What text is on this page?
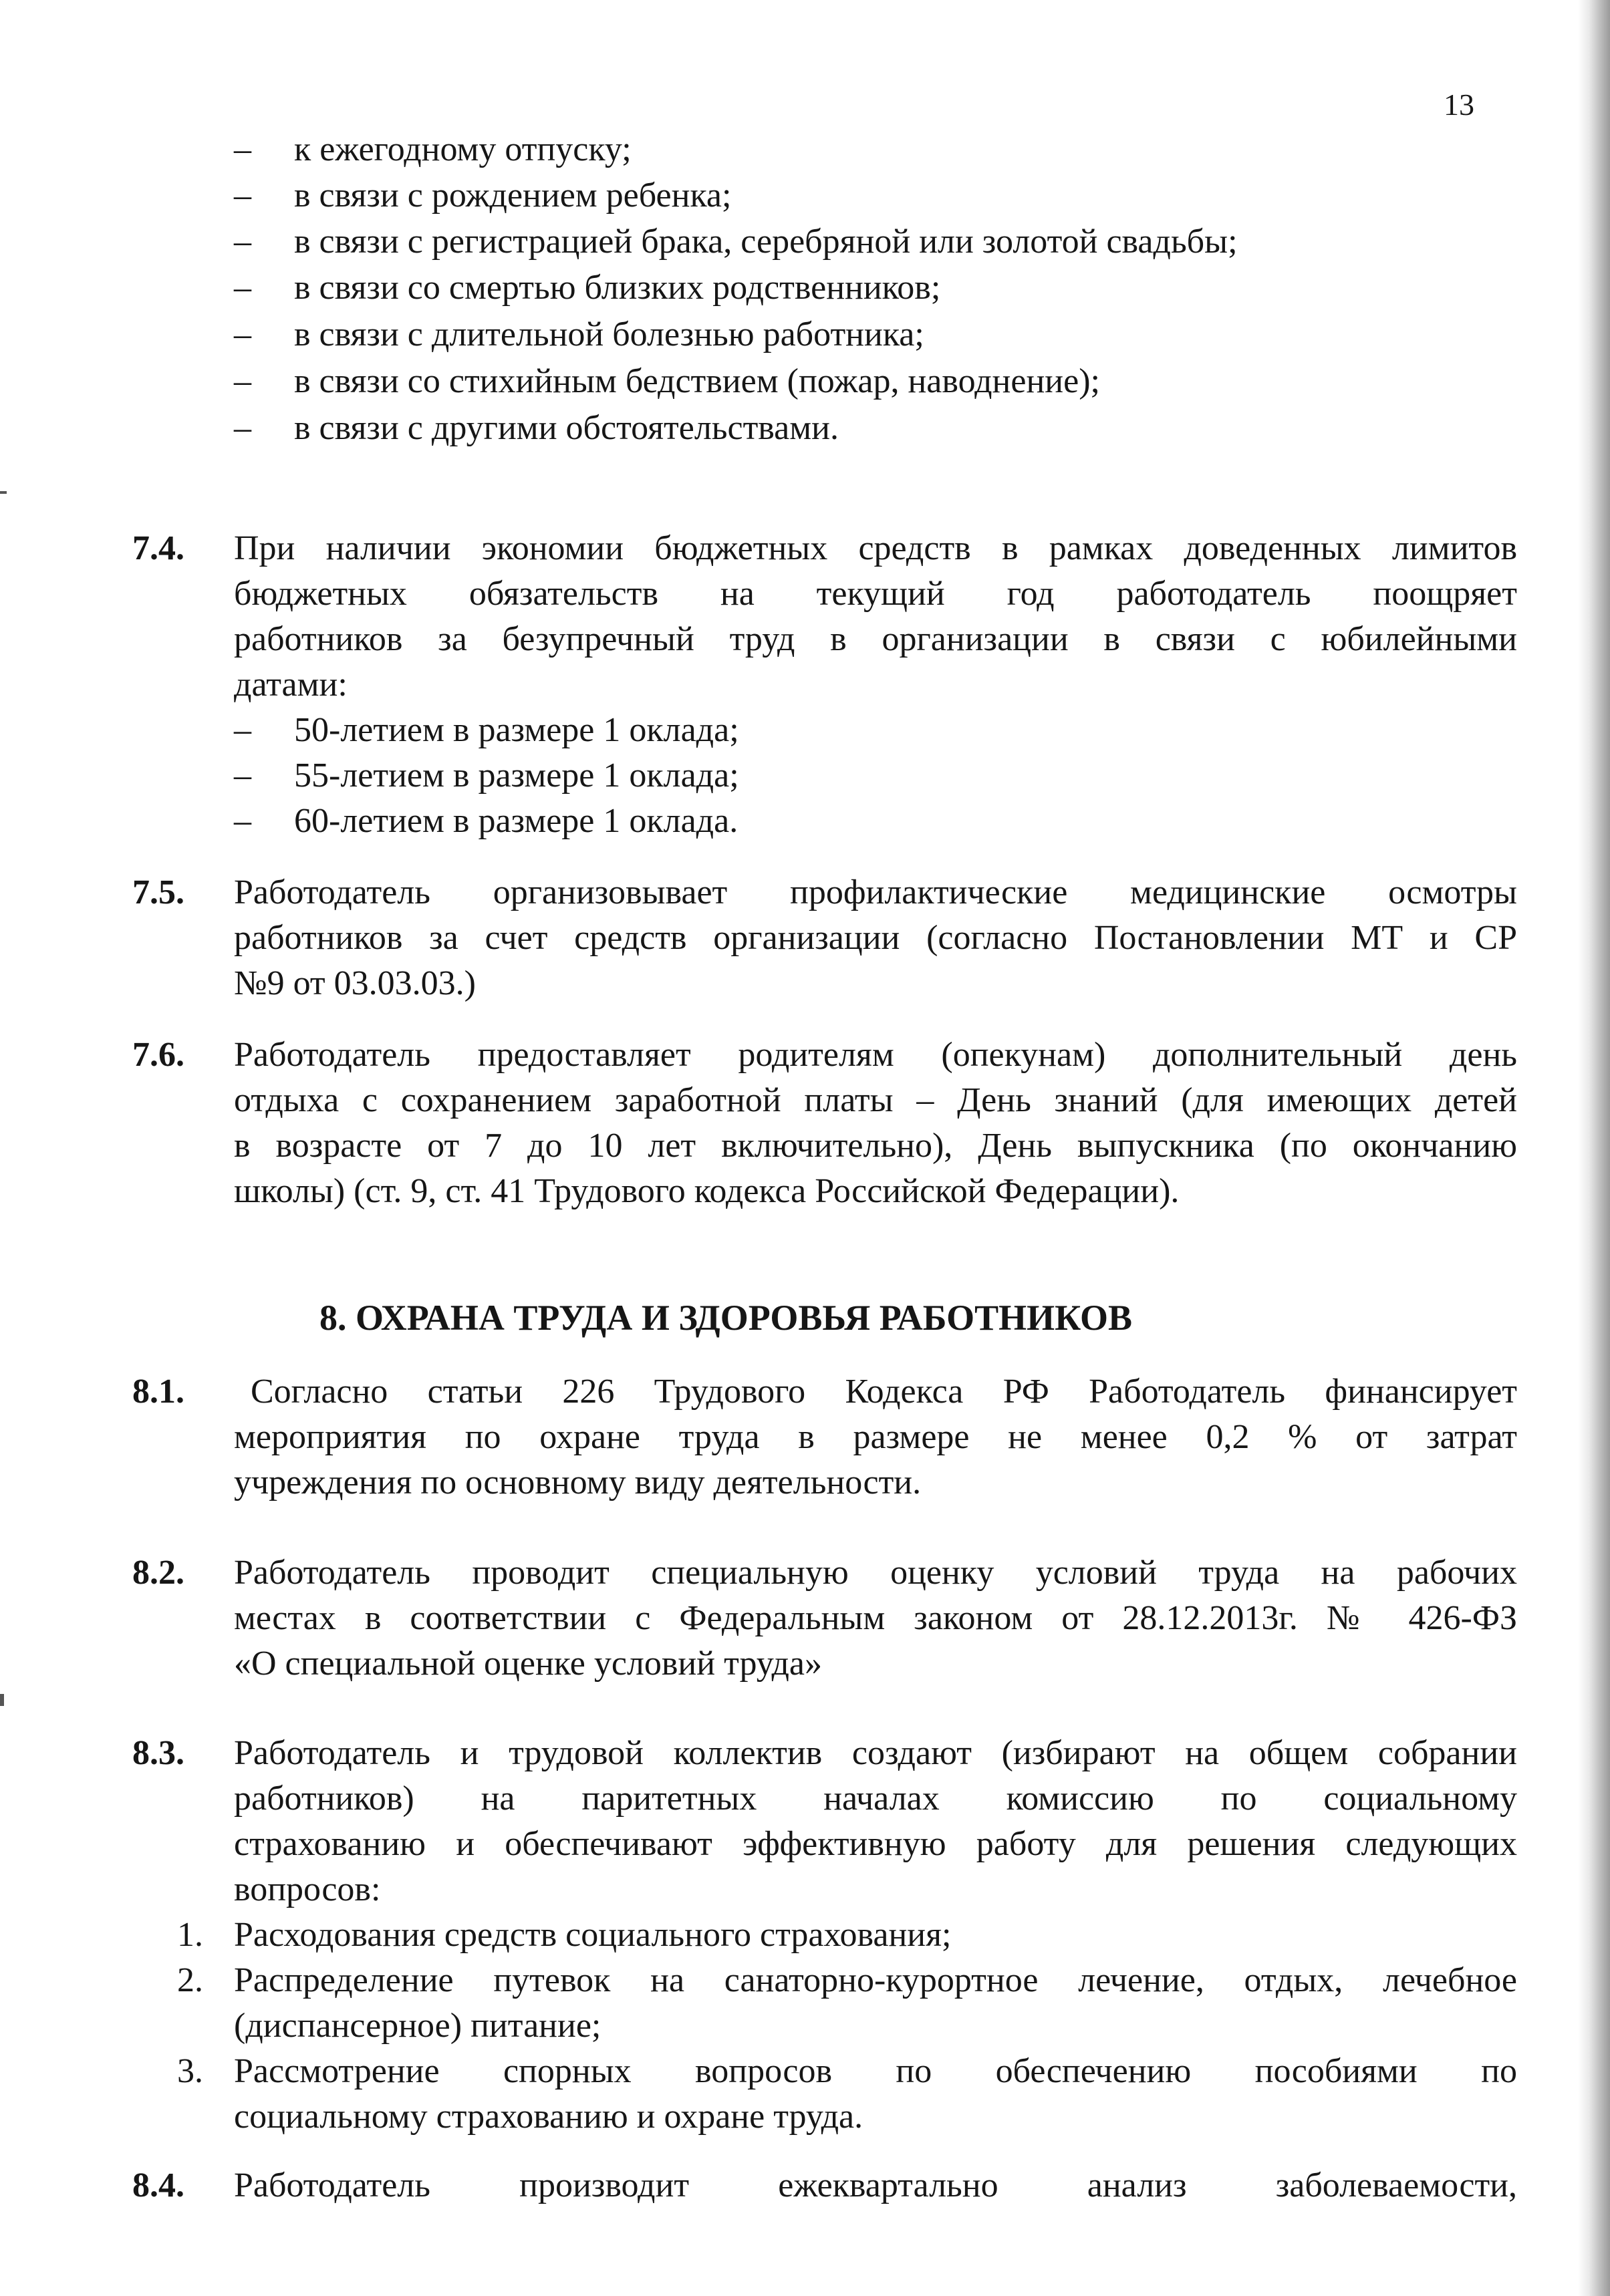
13
– к ежегодному отпуску;
– в связи с рождением ребенка;
– в связи с регистрацией брака, серебряной или золотой свадьбы;
– в связи со смертью близких родственников;
– в связи с длительной болезнью работника;
– в связи со стихийным бедствием (пожар, наводнение);
– в связи с другими обстоятельствами.
7.4. При наличии экономии бюджетных средств в рамках доведенных лимитов
бюджетных обязательств на текущий год работодатель поощряет
работников за безупречный труд в организации в связи с юбилейными
датами:
– 50-летием в размере 1 оклада;
– 55-летием в размере 1 оклада;
– 60-летием в размере 1 оклада.
7.5. Работодатель организовывает профилактические медицинские осмотры
работников за счет средств организации (согласно Постановлении МТ и СР
№9 от 03.03.03.)
7.6. Работодатель предоставляет родителям (опекунам) дополнительный день
отдыха с сохранением заработной платы – День знаний (для имеющих детей
в возрасте от 7 до 10 лет включительно), День выпускника (по окончанию
школы) (ст. 9, ст. 41 Трудового кодекса Российской Федерации).
8. ОХРАНА ТРУДА И ЗДОРОВЬЯ РАБОТНИКОВ
8.1. Согласно статьи 226 Трудового Кодекса РФ Работодатель финансирует
мероприятия по охране труда в размере не менее 0,2 % от затрат
учреждения по основному виду деятельности.
8.2. Работодатель проводит специальную оценку условий труда на рабочих
местах в соответствии с Федеральным законом от 28.12.2013г. № 426-ФЗ
«О специальной оценке условий труда»
8.3. Работодатель и трудовой коллектив создают (избирают на общем собрании
работников) на паритетных началах комиссию по социальному
страхованию и обеспечивают эффективную работу для решения следующих
вопросов:
1. Расходования средств социального страхования;
2. Распределение путевок на санаторно-курортное лечение, отдых, лечебное
(диспансерное) питание;
3. Рассмотрение спорных вопросов по обеспечению пособиями по
социальному страхованию и охране труда.
8.4. Работодатель производит ежеквартально анализ заболеваемости,
